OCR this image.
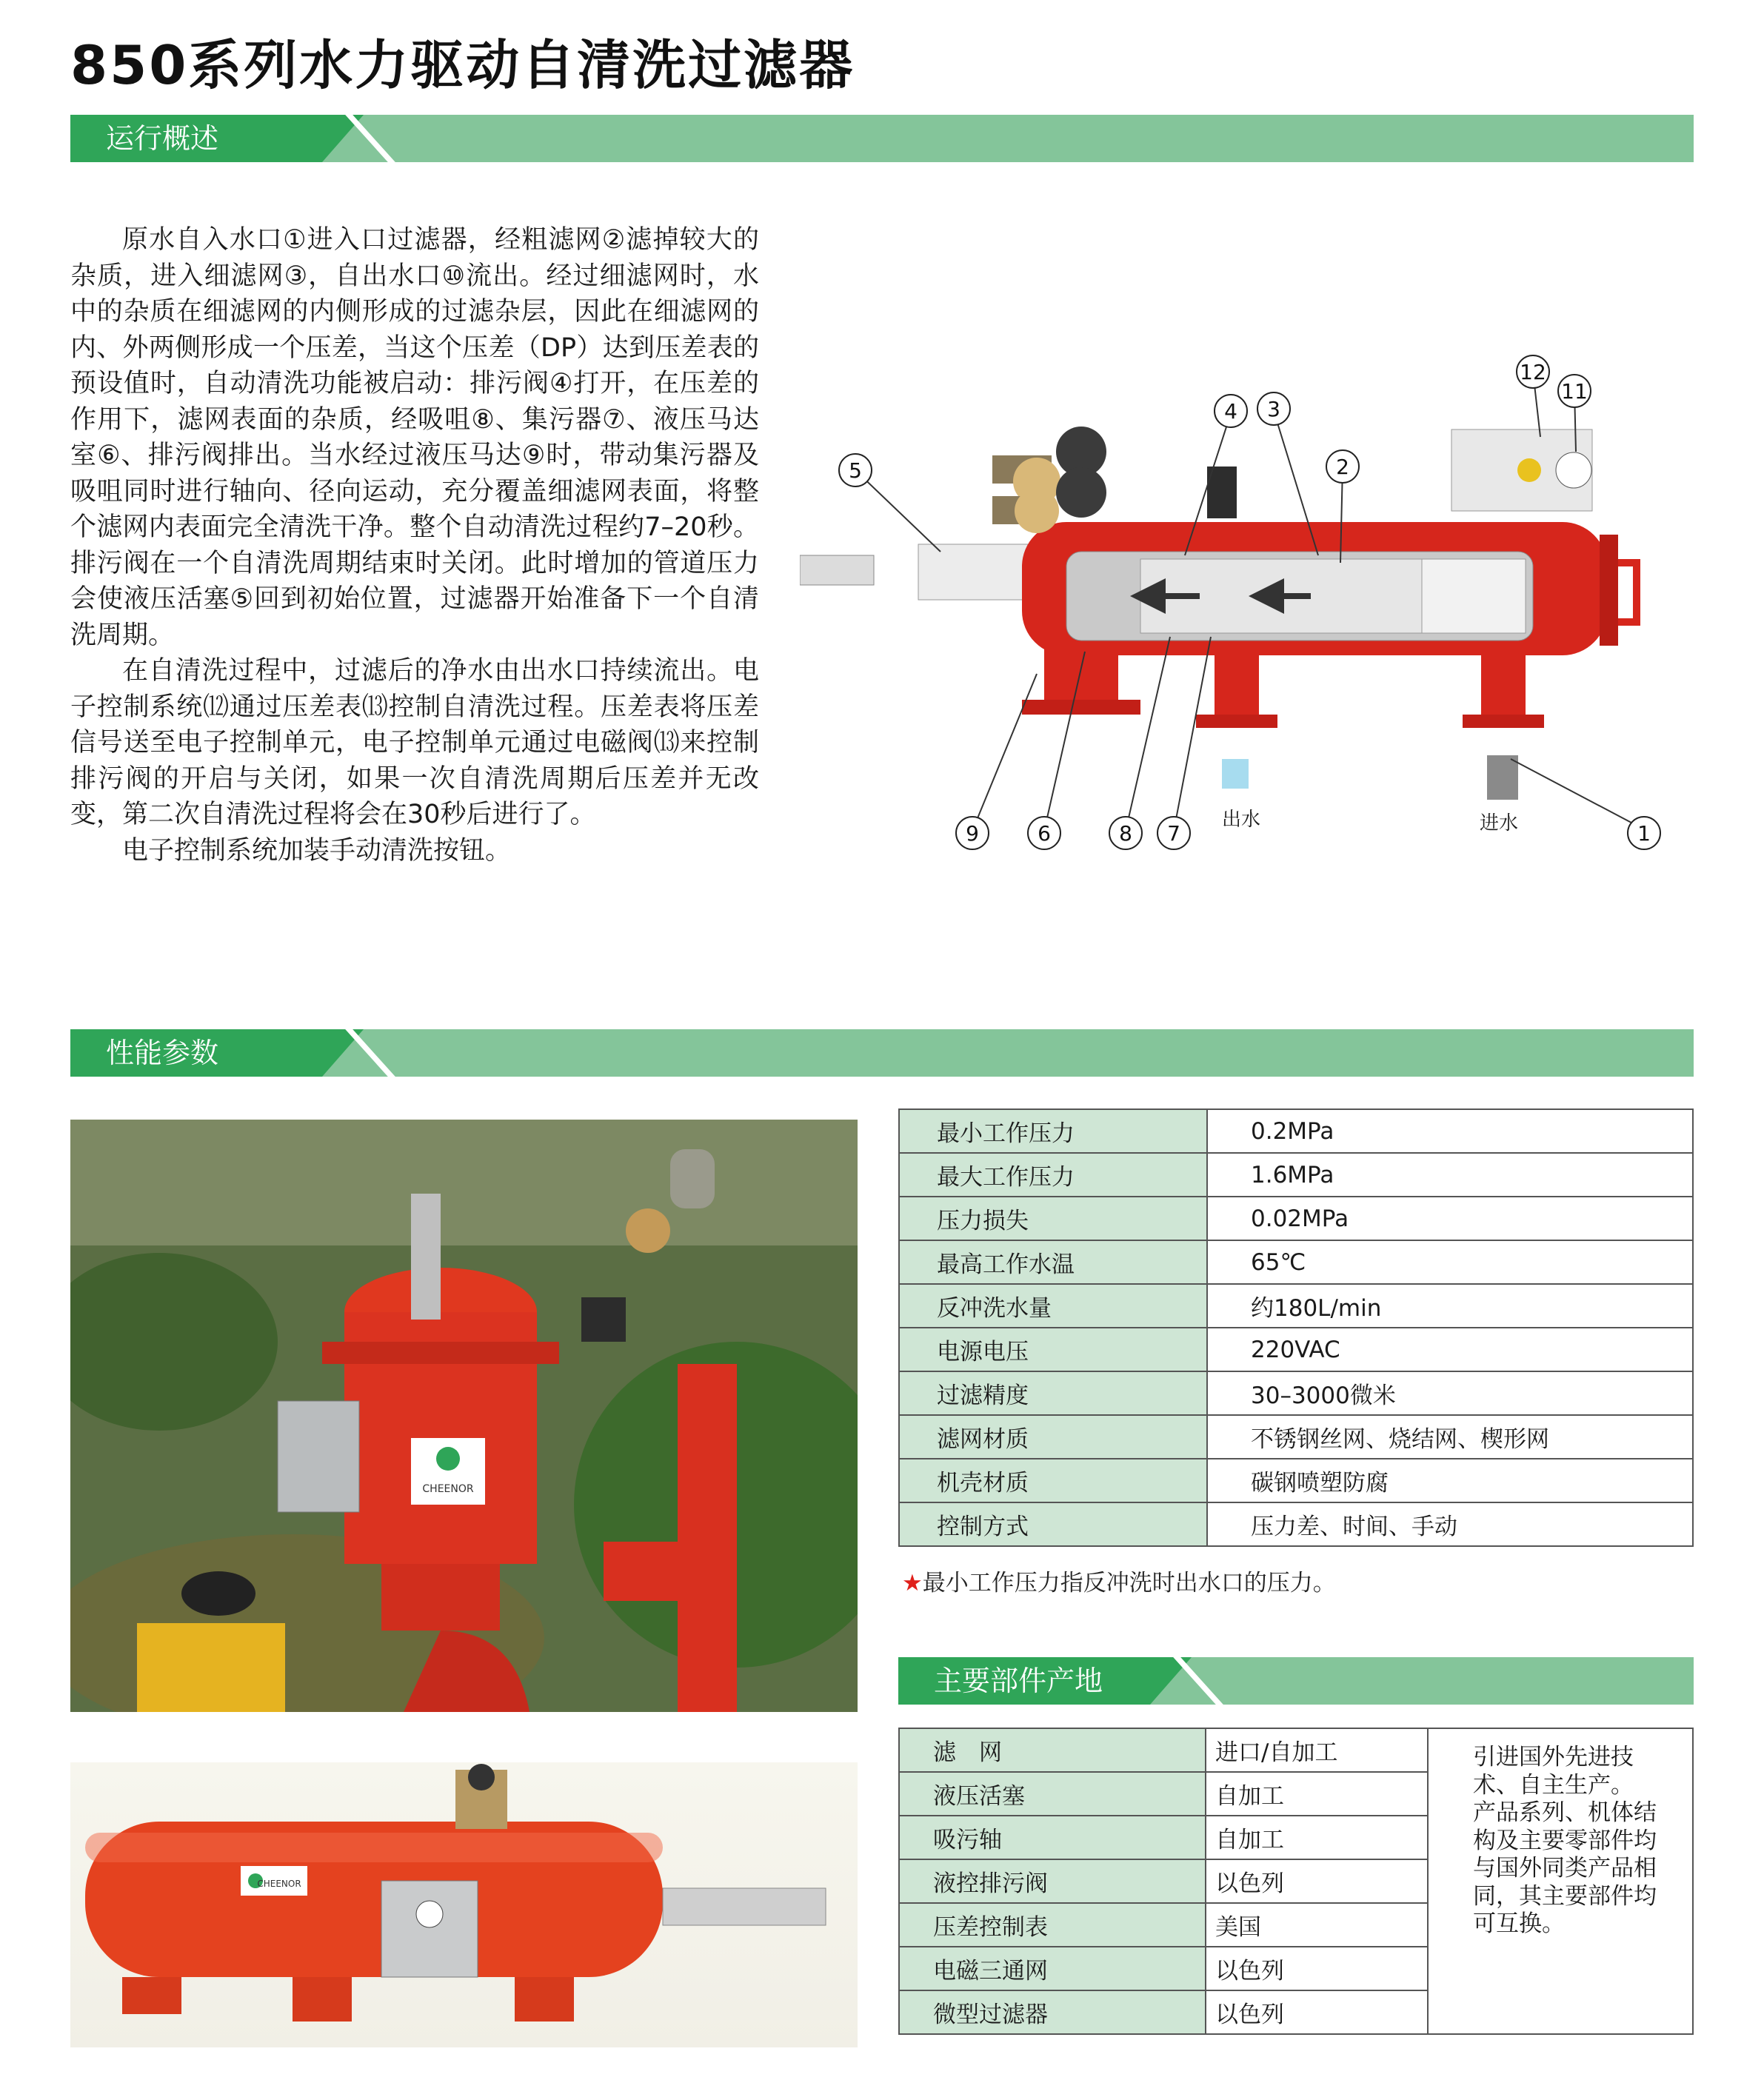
850系列水力驱动自清洗过滤器
运行概述

原水自入水口①进入口过滤器，经粗滤网②滤掉较大的杂质，进入细滤网③，自出水口⑩流出。经过细滤网时，水中的杂质在细滤网的内侧形成的过滤杂层，因此在细滤网的内、外两侧形成一个压差，当这个压差（DP）达到压差表的预设值时，自动清洗功能被启动：排污阀④打开，在压差的作用下，滤网表面的杂质，经吸咀⑧、集污器⑦、液压马达室⑥、排污阀排出。当水经过液压马达⑨时，带动集污器及吸咀同时进行轴向、径向运动，充分覆盖细滤网表面，将整个滤网内表面完全清洗干净。整个自动清洗过程约7–20秒。排污阀在一个自清洗周期结束时关闭。此时增加的管道压力会使液压活塞⑤回到初始位置，过滤器开始准备下一个自清洗周期。

在自清洗过程中，过滤后的净水由出水口持续流出。电子控制系统⑿通过压差表⒀控制自清洗过程。压差表将压差信号送至电子控制单元，电子控制单元通过电磁阀⒀来控制排污阀的开启与关闭，如果一次自清洗周期后压差并无改变，第二次自清洗过程将会在30秒后进行了。

电子控制系统加装手动清洗按钮。

5
4 3
2
12
11
1
9	6	8 7
出水	进水
性能参数
CHEENOR
CHEENOR
最小工作压力	0.2MPa
最大工作压力	1.6MPa
压力损失	0.02MPa
最高工作水温	65℃
反冲洗水量	约180L/min
电源电压	220VAC
过滤精度	30–3000微米
滤网材质	不锈钢丝网、烧结网、楔形网
机壳材质	碳钢喷塑防腐
控制方式	压力差、时间、手动
★最小工作压力指反冲洗时出水口的压力。
主要部件产地
滤　网	进口/自加工	引进国外先进技术、自主生产。
产品系列、机体结构及主要零部件均与国外同类产品相同，其主要部件均可互换。
液压活塞	自加工	
吸污轴	自加工	
液控排污阀	以色列	
压差控制表	美国	
电磁三通网	以色列	
微型过滤器	以色列	
